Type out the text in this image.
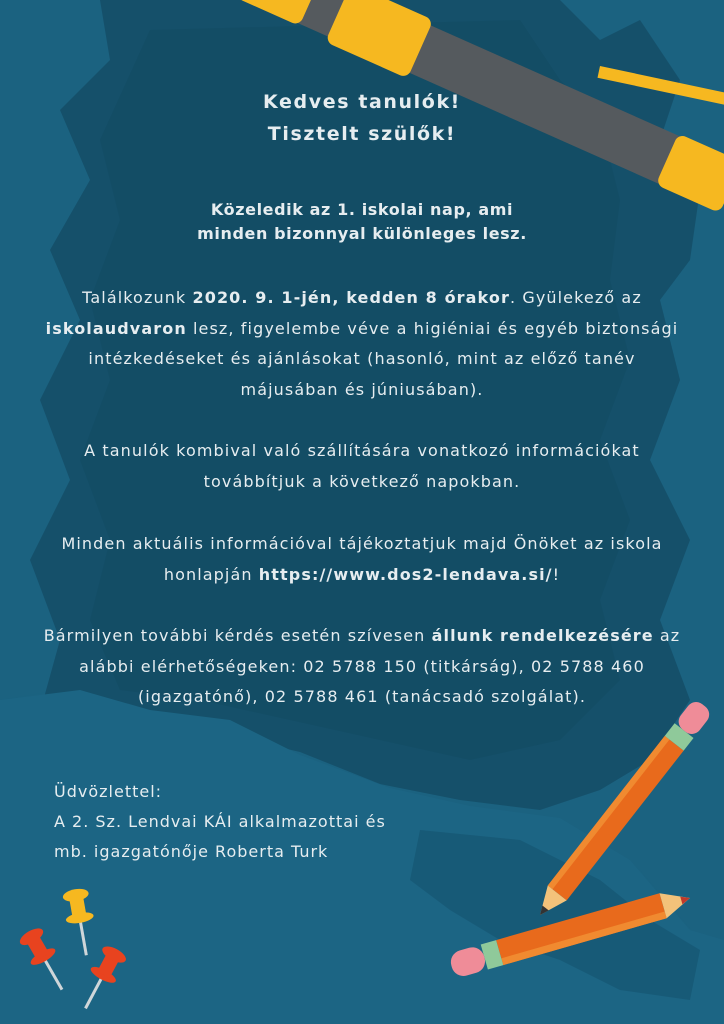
Kedves tanulók!
Tisztelt szülők!
Közeledik az 1. iskolai nap, ami
minden bizonnyal különleges lesz.
Találkozunk 2020. 9. 1-jén, kedden 8 órakor. Gyülekező az iskolaudvaron lesz, figyelembe véve a higiéniai és egyéb biztonsági intézkedéseket és ajánlásokat (hasonló, mint az előző tanév májusában és júniusában).
A tanulók kombival való szállítására vonatkozó információkat továbbítjuk a következő napokban.
Minden aktuális információval tájékoztatjuk majd Önöket az iskola honlapján https://www.dos2-lendava.si/!
Bármilyen további kérdés esetén szívesen állunk rendelkezésére az alábbi elérhetőségeken: 02 5788 150 (titkárság), 02 5788 460 (igazgatónő), 02 5788 461 (tanácsadó szolgálat).
Üdvözlettel:
A 2. Sz. Lendvai KÁI alkalmazottai és
mb. igazgatónője Roberta Turk
